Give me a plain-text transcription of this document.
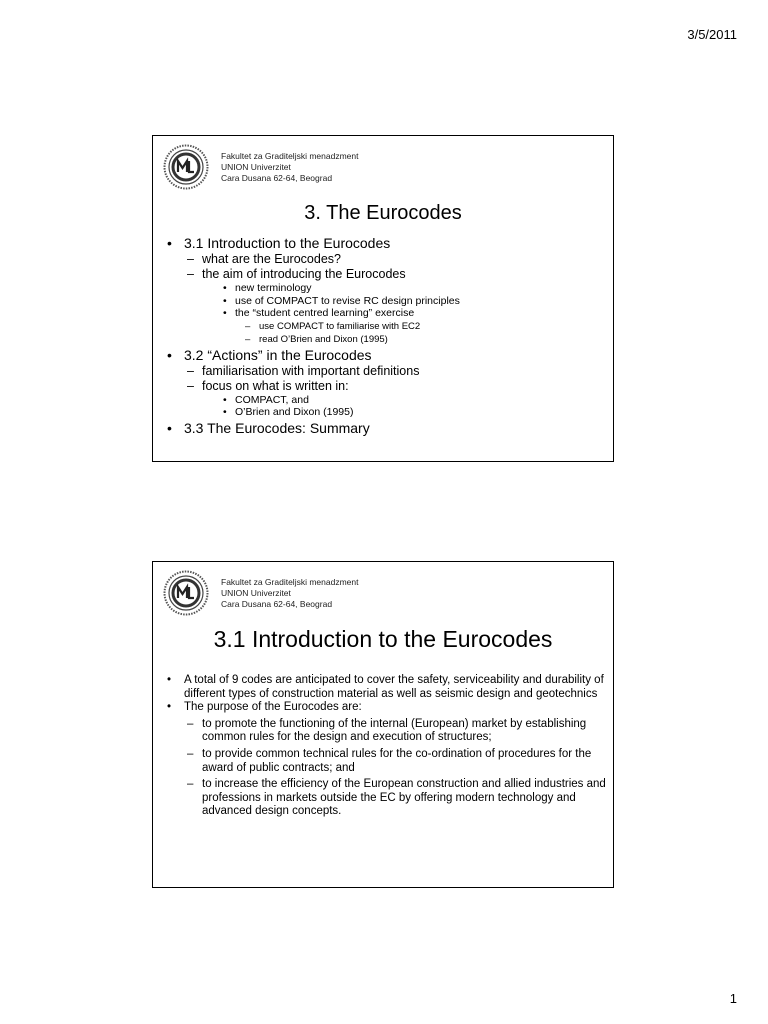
3/5/2011
Fakultet za Graditeljski menadzment
UNION Univerzitet
Cara Dusana 62-64, Beograd
3. The Eurocodes
• 3.1 Introduction to the Eurocodes
– what are the Eurocodes?
– the aim of introducing the Eurocodes
• new terminology
• use of COMPACT to revise RC design principles
• the “student centred learning” exercise
– use COMPACT to familiarise with EC2
– read O’Brien and Dixon (1995)
• 3.2 “Actions” in the Eurocodes
– familiarisation with important definitions
– focus on what is written in:
• COMPACT, and
• O’Brien and Dixon (1995)
• 3.3 The Eurocodes: Summary
Fakultet za Graditeljski menadzment
UNION Univerzitet
Cara Dusana 62-64, Beograd
3.1 Introduction to the Eurocodes
• A total of 9 codes are anticipated to cover the safety, serviceability and durability of different types of construction material as well as seismic design and geotechnics
• The purpose of the Eurocodes are:
– to promote the functioning of the internal (European) market by establishing common rules for the design and execution of structures;
– to provide common technical rules for the co-ordination of procedures for the award of public contracts; and
– to increase the efficiency of the European construction and allied industries and professions in markets outside the EC by offering modern technology and advanced design concepts.
1
